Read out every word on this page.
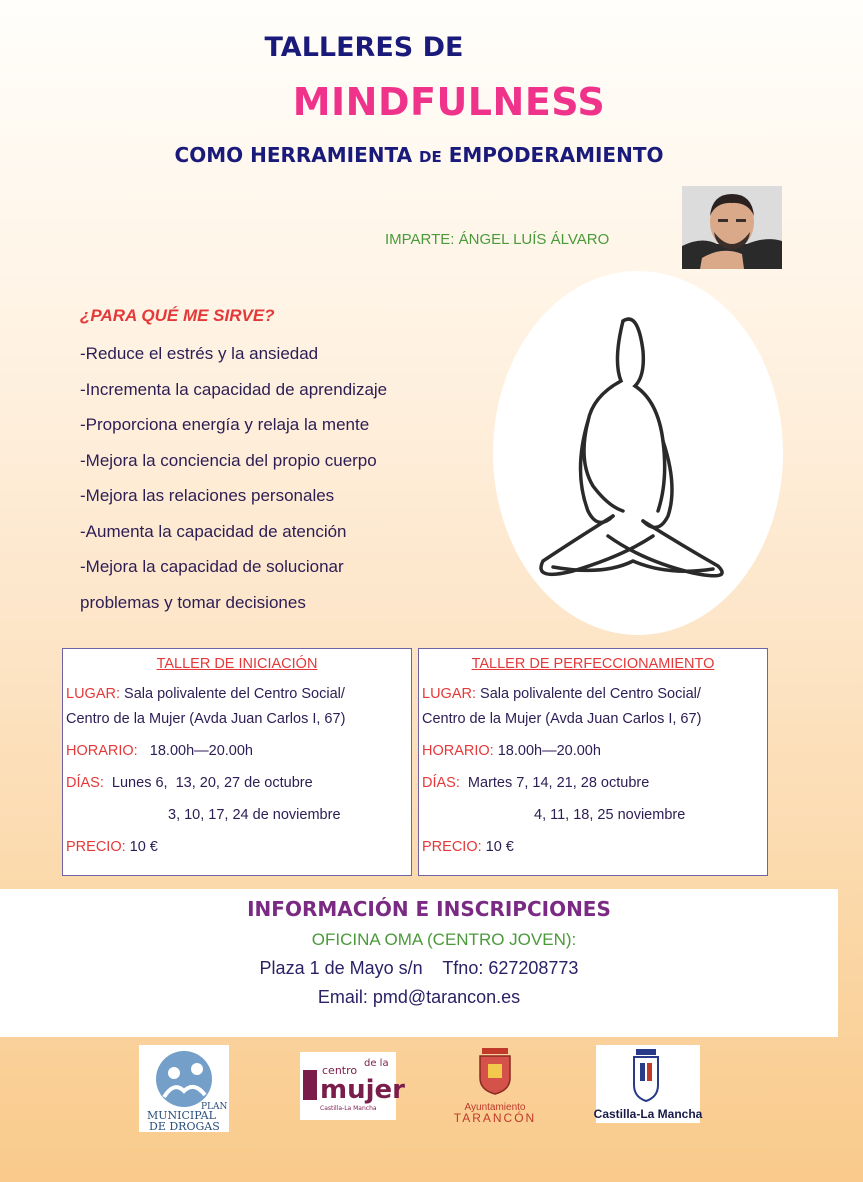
TALLERES DE
MINDFULNESS
COMO HERRAMIENTA DE EMPODERAMIENTO
IMPARTE: ÁNGEL LUÍS ÁLVARO
¿PARA QUÉ ME SIRVE?
-Reduce el estrés y la ansiedad
-Incrementa la capacidad de aprendizaje
-Proporciona energía y relaja la mente
-Mejora la conciencia del propio cuerpo
-Mejora las relaciones personales
-Aumenta la capacidad de atención
-Mejora la capacidad de solucionar
problemas y tomar decisiones
TALLER DE INICIACIÓN
LUGAR: Sala polivalente del Centro Social/
Centro de la Mujer (Avda Juan Carlos I, 67)
HORARIO:   18.00h—20.00h
DÍAS:  Lunes 6,  13, 20, 27 de octubre
3, 10, 17, 24 de noviembre
PRECIO: 10 €
TALLER DE PERFECCIONAMIENTO
LUGAR: Sala polivalente del Centro Social/
Centro de la Mujer (Avda Juan Carlos I, 67)
HORARIO: 18.00h—20.00h
DÍAS:  Martes 7, 14, 21, 28 octubre
4, 11, 18, 25 noviembre
PRECIO: 10 €
INFORMACIÓN E INSCRIPCIONES
OFICINA OMA (CENTRO JOVEN):
Plaza 1 de Mayo s/n    Tfno: 627208773
Email: pmd@tarancon.es
PLAN
MUNICIPAL
DE DROGAS
centro
de la
mujer
Castilla-La Mancha	Ayuntamiento
TARANCÓN	Castilla-La Mancha
